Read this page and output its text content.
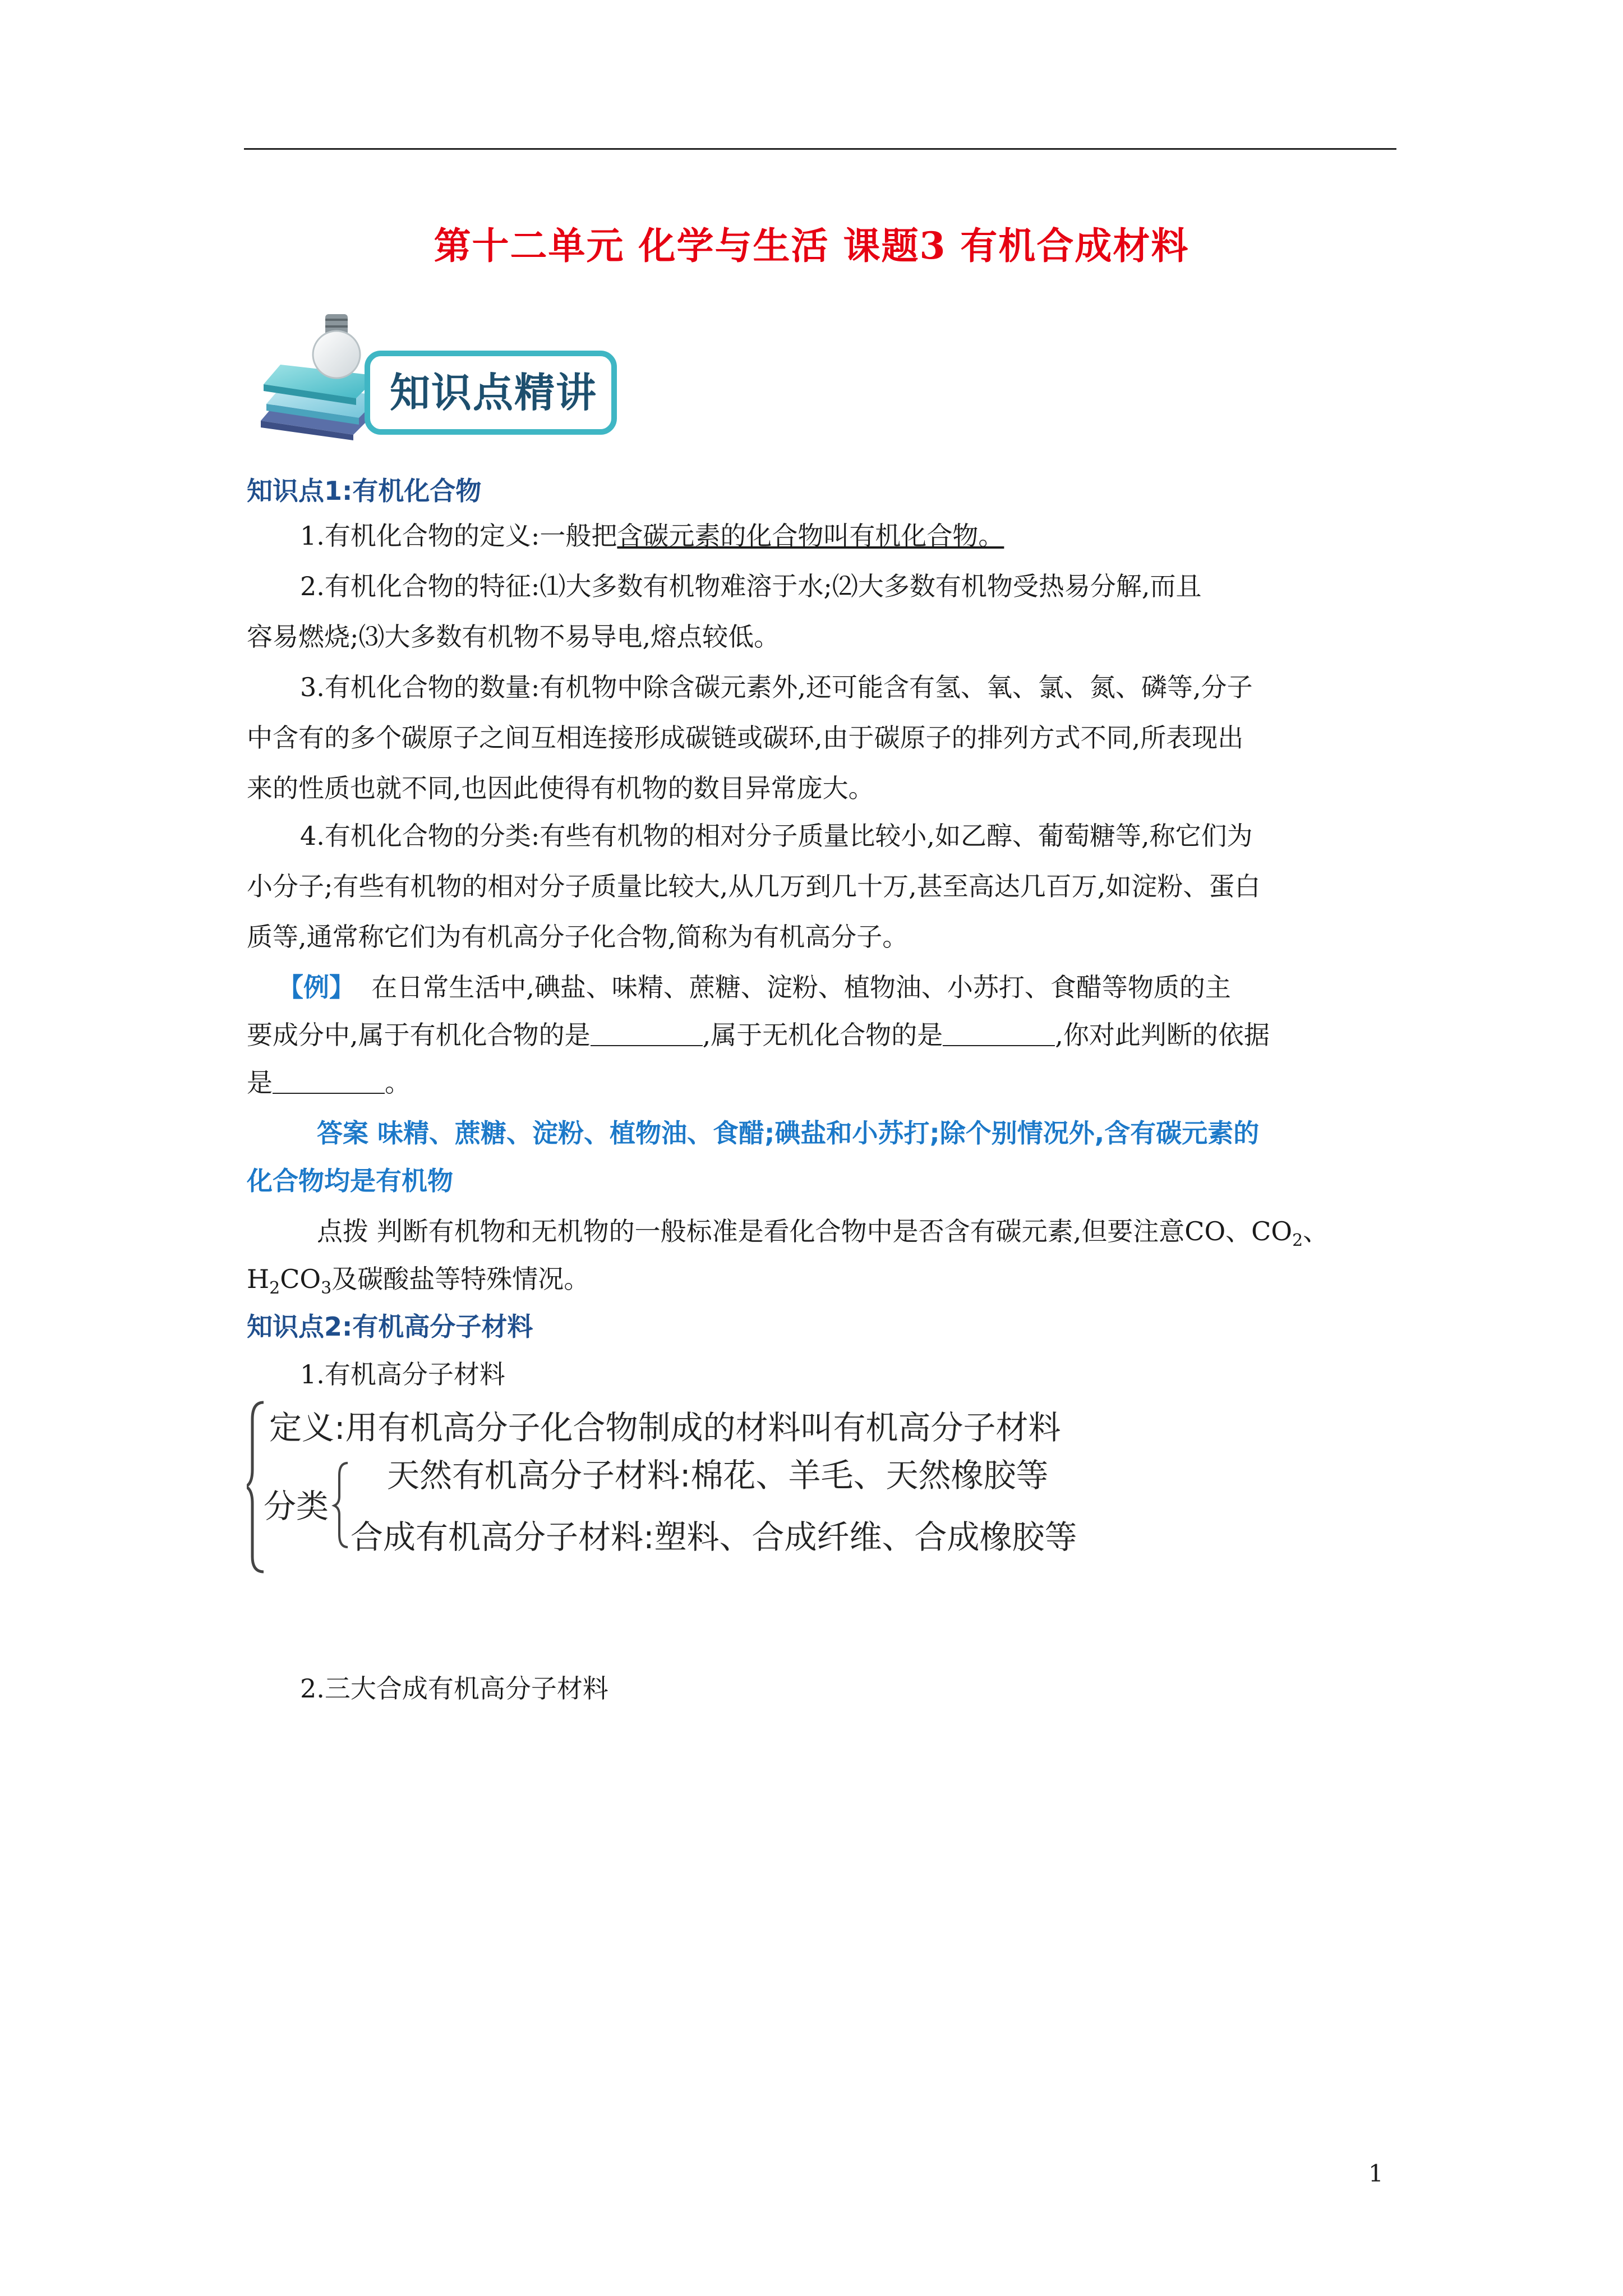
第十二单元 化学与生活 课题3 有机合成材料
知识点精讲
知识点1:有机化合物
1.有机化合物的定义:一般把含碳元素的化合物叫有机化合物。
2.有机化合物的特征:⑴大多数有机物难溶于水;⑵大多数有机物受热易分解,而且
容易燃烧;⑶大多数有机物不易导电,熔点较低。
3.有机化合物的数量:有机物中除含碳元素外,还可能含有氢、氧、氯、氮、磷等,分子
中含有的多个碳原子之间互相连接形成碳链或碳环,由于碳原子的排列方式不同,所表现出
来的性质也就不同,也因此使得有机物的数目异常庞大。
4.有机化合物的分类:有些有机物的相对分子质量比较小,如乙醇、葡萄糖等,称它们为
小分子;有些有机物的相对分子质量比较大,从几万到几十万,甚至高达几百万,如淀粉、蛋白
质等,通常称它们为有机高分子化合物,简称为有机高分子。
【例】 在日常生活中,碘盐、味精、蔗糖、淀粉、植物油、小苏打、食醋等物质的主
要成分中,属于有机化合物的是	,属于无机化合物的是	,你对此判断的依据
是	。
答案 味精、蔗糖、淀粉、植物油、食醋;碘盐和小苏打;除个别情况外,含有碳元素的
化合物均是有机物
点拨 判断有机物和无机物的一般标准是看化合物中是否含有碳元素,但要注意CO、$CO_2$、
$H_2CO_3$及碳酸盐等特殊情况。
知识点2:有机高分子材料
1.有机高分子材料
定义:用有机高分子化合物制成的材料叫有机高分子材料
分类
天然有机高分子材料:棉花、羊毛、天然橡胶等
合成有机高分子材料:塑料、合成纤维、合成橡胶等
2.三大合成有机高分子材料
1
